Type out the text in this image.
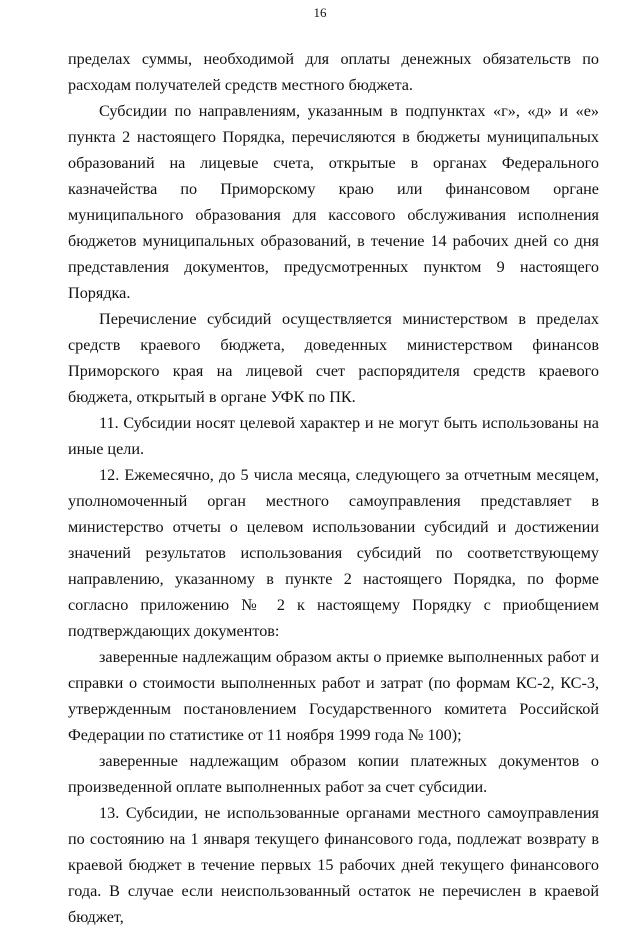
16

пределах суммы, необходимой для оплаты денежных обязательств по расходам получателей средств местного бюджета.

Субсидии по направлениям, указанным в подпунктах «г», «д» и «е» пункта 2 настоящего Порядка, перечисляются в бюджеты муниципальных образований на лицевые счета, открытые в органах Федерального казначейства по Приморскому краю или финансовом органе муниципального образования для кассового обслуживания исполнения бюджетов муниципальных образований, в течение 14 рабочих дней со дня представления документов, предусмотренных пунктом 9 настоящего Порядка.

Перечисление субсидий осуществляется министерством в пределах средств краевого бюджета, доведенных министерством финансов Приморского края на лицевой счет распорядителя средств краевого бюджета, открытый в органе УФК по ПК.

11. Субсидии носят целевой характер и не могут быть использованы на иные цели.

12. Ежемесячно, до 5 числа месяца, следующего за отчетным месяцем, уполномоченный орган местного самоуправления представляет в министерство отчеты о целевом использовании субсидий и достижении значений результатов использования субсидий по соответствующему направлению, указанному в пункте 2 настоящего Порядка, по форме согласно приложению № 2 к настоящему Порядку с приобщением подтверждающих документов:

заверенные надлежащим образом акты о приемке выполненных работ и справки о стоимости выполненных работ и затрат (по формам КС-2, КС-3, утвержденным постановлением Государственного комитета Российской Федерации по статистике от 11 ноября 1999 года № 100);

заверенные надлежащим образом копии платежных документов о произведенной оплате выполненных работ за счет субсидии.

13. Субсидии, не использованные органами местного самоуправления по состоянию на 1 января текущего финансового года, подлежат возврату в краевой бюджет в течение первых 15 рабочих дней текущего финансового года. В случае если неиспользованный остаток не перечислен в краевой бюджет,
